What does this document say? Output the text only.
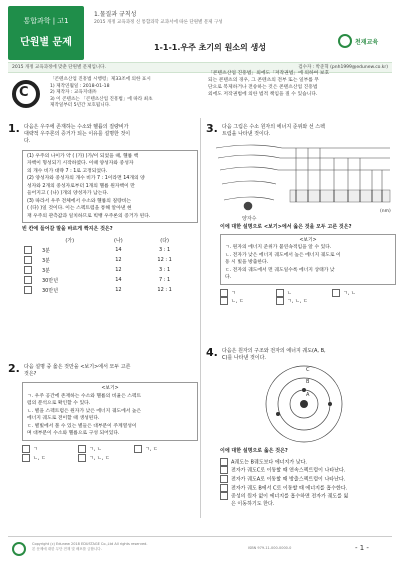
통합과학 | 고1
단원별 문제
1.물질과 규칙성
2015 개정 교육과정 신 통합과학 교과서에 따른 단원별 문제 구성
1-1-1.우주 초기의 원소의 생성
천재교육
2015 개정 교육과정에 맞춘 단원별 문제입니다.	검수자 : 박준혁 (pnh1999@edunew.co.kr)
C
「콘텐츠산업 진흥법 시행령」제33조에 의한 표시
1) 제작연월일 : 2018-01-18
2) 제작자 : 교육지대㈜
3) 이 콘텐츠는 「콘텐츠산업 진흥법」에 따라 최초
제작일부터 5년간 보호됩니다.
「콘텐츠산업 진흥법」외에도「저작권법」에 의하여 보호
되는 콘텐츠의 경우, 그 콘텐츠의 전부 또는 일부를 무
단으로 복제하거나 전송하는 것은 콘텐츠산업 진흥법
외에도 저작권법에 의한 법적 책임을 질 수 있습니다.
1. 다음은 우주에 존재하는 수소와 헬륨의 질량비가
대략적 우주론의 증거가 되는 이유를 설명한 것이
다.
(1) 우주의 나이가 약 ( (가) )가/이 되었을 때, 헬륨 핵
자핵이 형성되기 시작하였다. 이때 양성자와 중성자
의 개수 비가 대략 7 : 1로 고정되었다.
(2) 양성자와 중성자의 개수 비가 7 : 1이라면 14개의 양
성자와 2개의 중성자로부터 1개의 헬륨 원자핵이 만
들어지고 ( (나) )개의 양성자가 남는다.
(3) 따라서 우주 전체에서 수소와 헬륨의 질량비는
( (다) )일 것이다. 이는 스펙트럼을 통해 알아낸 현
재 우주의 관측값과 일치하므로 빅뱅 우주론의 증거가 된다.
빈 칸에 들어갈 말을 바르게 짝지은 것은?
	(가)	(나)	(다)
	3분	14	3 : 1
	3분	12	12 : 1
	3분	12	3 : 1
	30만년	14	7 : 1
	30만년	12	12 : 1
2. 다음 설명 중 옳은 것만을 <보기>에서 모두 고른
것은?
<보기>
ㄱ. 우주 공간에 존재하는 수소와 헬륨의 비율은 스펙트
럼의 분석으로 확인할 수 있다.
ㄴ. 별을 스펙트럼은 원자가 낮은 에너지 궤도에서 높은
에너지 궤도로 전이할 때 생성된다.
ㄷ. 별빛에서 볼 수 있는 별들은 대부분이 주계열성이
며 대부분이 수소와 헬륨으로 구성 되어있다.
ㄱ	ㄱ, ㄴ	ㄱ, ㄷ
ㄴ, ㄷ	ㄱ, ㄴ, ㄷ
3. 다음 그림은 수소 원자의 에너지 준위와 선 스펙
트럼을 나타낸 것이다.
양자수
(nm)
이에 대한 설명으로 <보기>에서 옳은 것을 모두 고른 것은?
<보기>
ㄱ. 원자의 에너지 준위가 불연속적임을 알 수 있다.
ㄴ. 전자가 낮은 에너지 궤도에서 높은 에너지 궤도로 이
동 시 빛을 방출한다.
ㄷ. 전자의 궤도에서 먼 궤도일수록 에너지 상태가 낮
다.
ㄱ	ㄴ	ㄱ, ㄴ
ㄴ, ㄷ	ㄱ, ㄴ, ㄷ
4. 다음은 원자의 구조와 전자의 에너지 궤도(A, B,
C)를 나타낸 것이다.
A
B
C
이에 대한 설명으로 옳은 것은?
A궤도는 B궤도보다 에너지가 낮다.
전자가 궤도C로 이동할 때 연속스펙트럼이 나타난다.
전자가 궤도A로 이동할 때 방출스펙트럼이 나타난다.
전자가 궤도 B에서 C로 이동할 때 에너지를 흡수한다.
중성의 원자 없이 에너지를 흡수하면 전자가 궤도를 잃
은 이동하기도 한다.
Copyright (c) Edunew 2018 EDUSTAGE Co.,Ltd All rights reserved.
본 문제에 대한 무단 전재 및 배포를 금합니다.	ISBN 979-11-000-0000-0	- 1 -
